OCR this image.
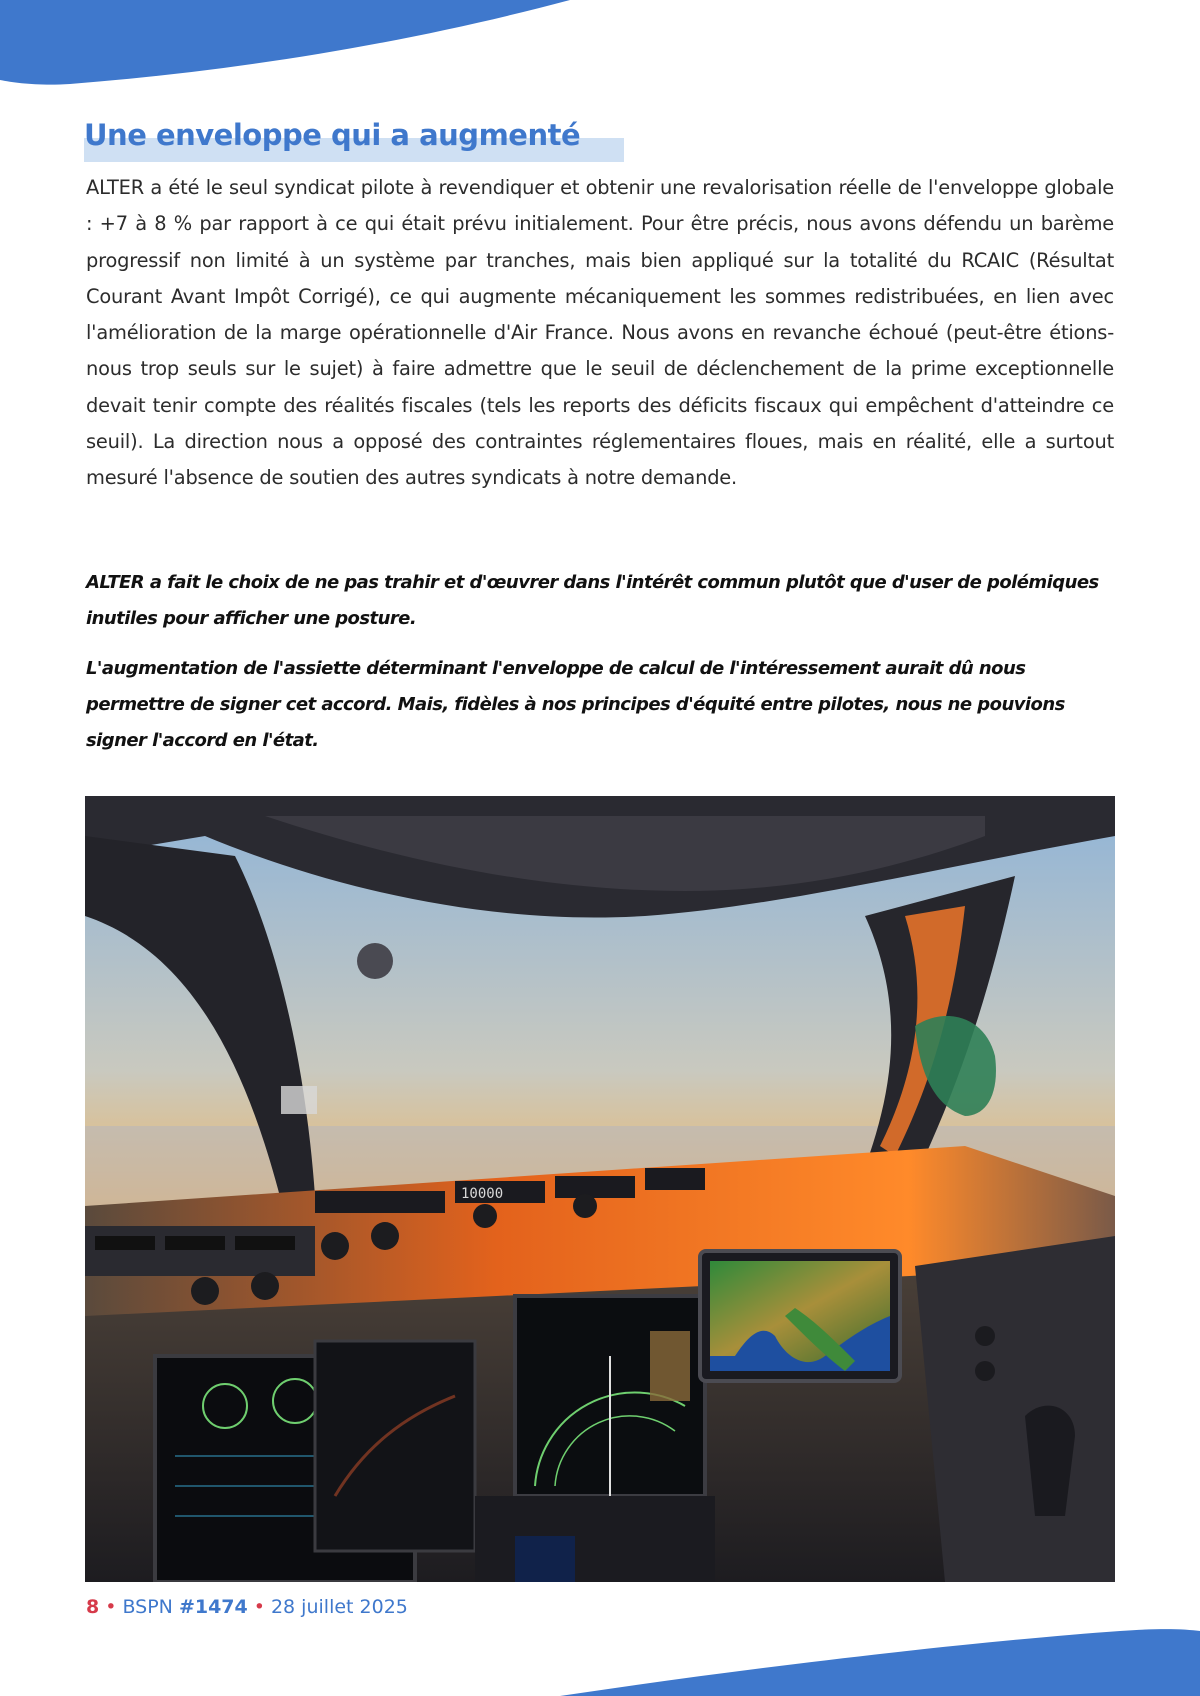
Une enveloppe qui a augmenté

ALTER a été le seul syndicat pilote à revendiquer et obtenir une revalorisation réelle de l'enveloppe globale : +7 à 8 % par rapport à ce qui était prévu initialement. Pour être précis, nous avons défendu un barème progressif non limité à un système par tranches, mais bien appliqué sur la totalité du RCAIC (Résultat Courant Avant Impôt Corrigé), ce qui augmente mécaniquement les sommes redistribuées, en lien avec l'amélioration de la marge opérationnelle d'Air France. Nous avons en revanche échoué (peut-être étions-nous trop seuls sur le sujet) à faire admettre que le seuil de déclenchement de la prime exceptionnelle devait tenir compte des réalités fiscales (tels les reports des déficits fiscaux qui empêchent d'atteindre ce seuil). La direction nous a opposé des contraintes réglementaires floues, mais en réalité, elle a surtout mesuré l'absence de soutien des autres syndicats à notre demande.

ALTER a fait le choix de ne pas trahir et d'œuvrer dans l'intérêt commun plutôt que d'user de polémiques inutiles pour afficher une posture.

L'augmentation de l'assiette déterminant l'enveloppe de calcul de l'intéressement aurait dû nous permettre de signer cet accord. Mais, fidèles à nos principes d'équité entre pilotes, nous ne pouvions signer l'accord en l'état.

10000
8 • BSPN #1474 • 28 juillet 2025
